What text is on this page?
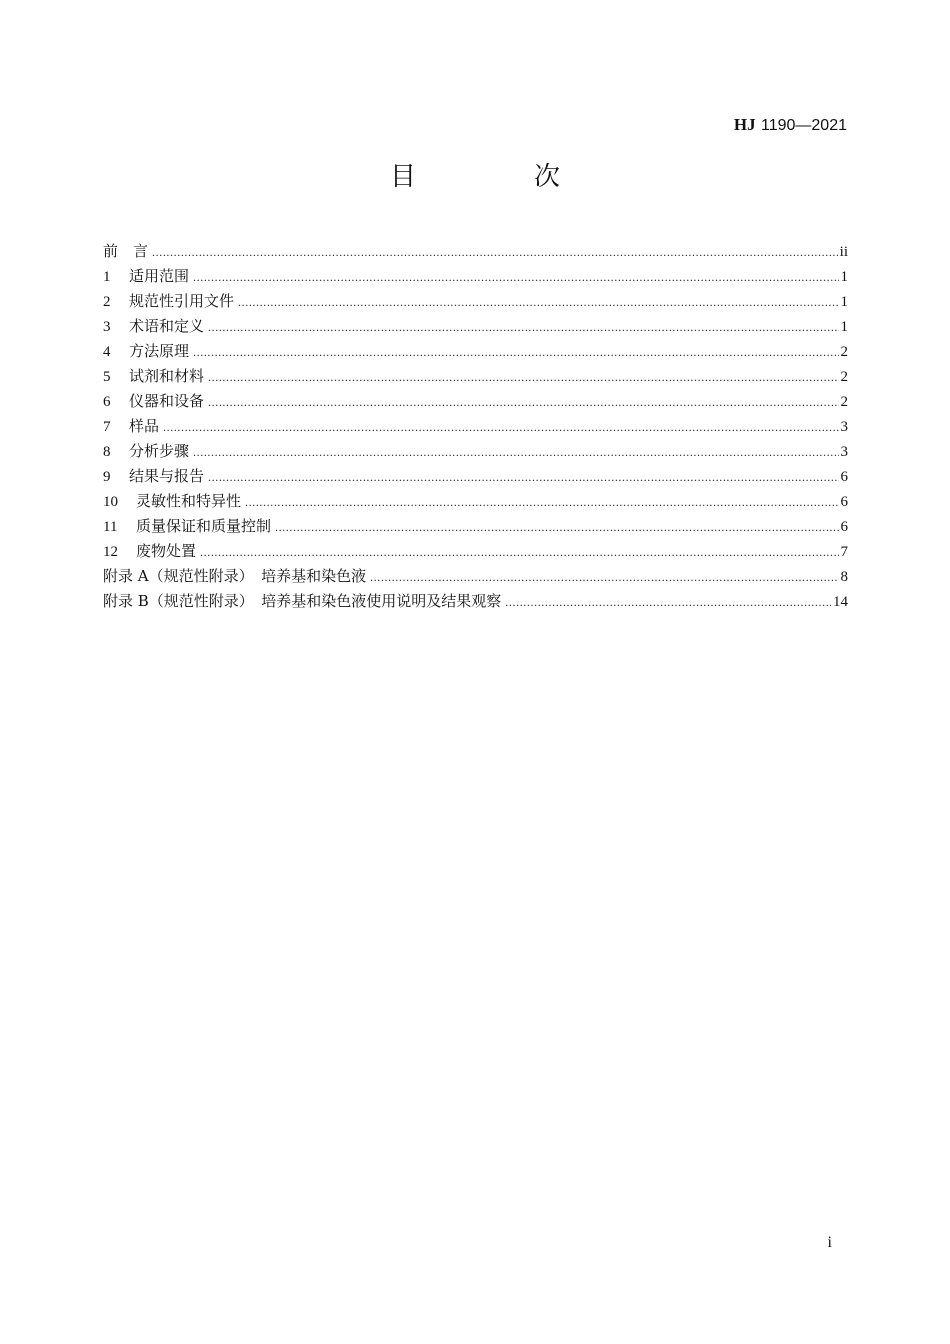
HJ 1190—2021
目　次
前　言 .....	ii
1 适用范围 .....	1
2 规范性引用文件 .....	1
3 术语和定义 .....	1
4 方法原理 .....	2
5 试剂和材料 .....	2
6 仪器和设备 .....	2
7 样品 .....	3
8 分析步骤 .....	3
9 结果与报告 .....	6
10 灵敏性和特异性 .....	6
11 质量保证和质量控制 .....	6
12 废物处置 .....	7
附录 A（规范性附录）　培养基和染色液 .....	8
附录 B（规范性附录）　培养基和染色液使用说明及结果观察 .....	14
i
